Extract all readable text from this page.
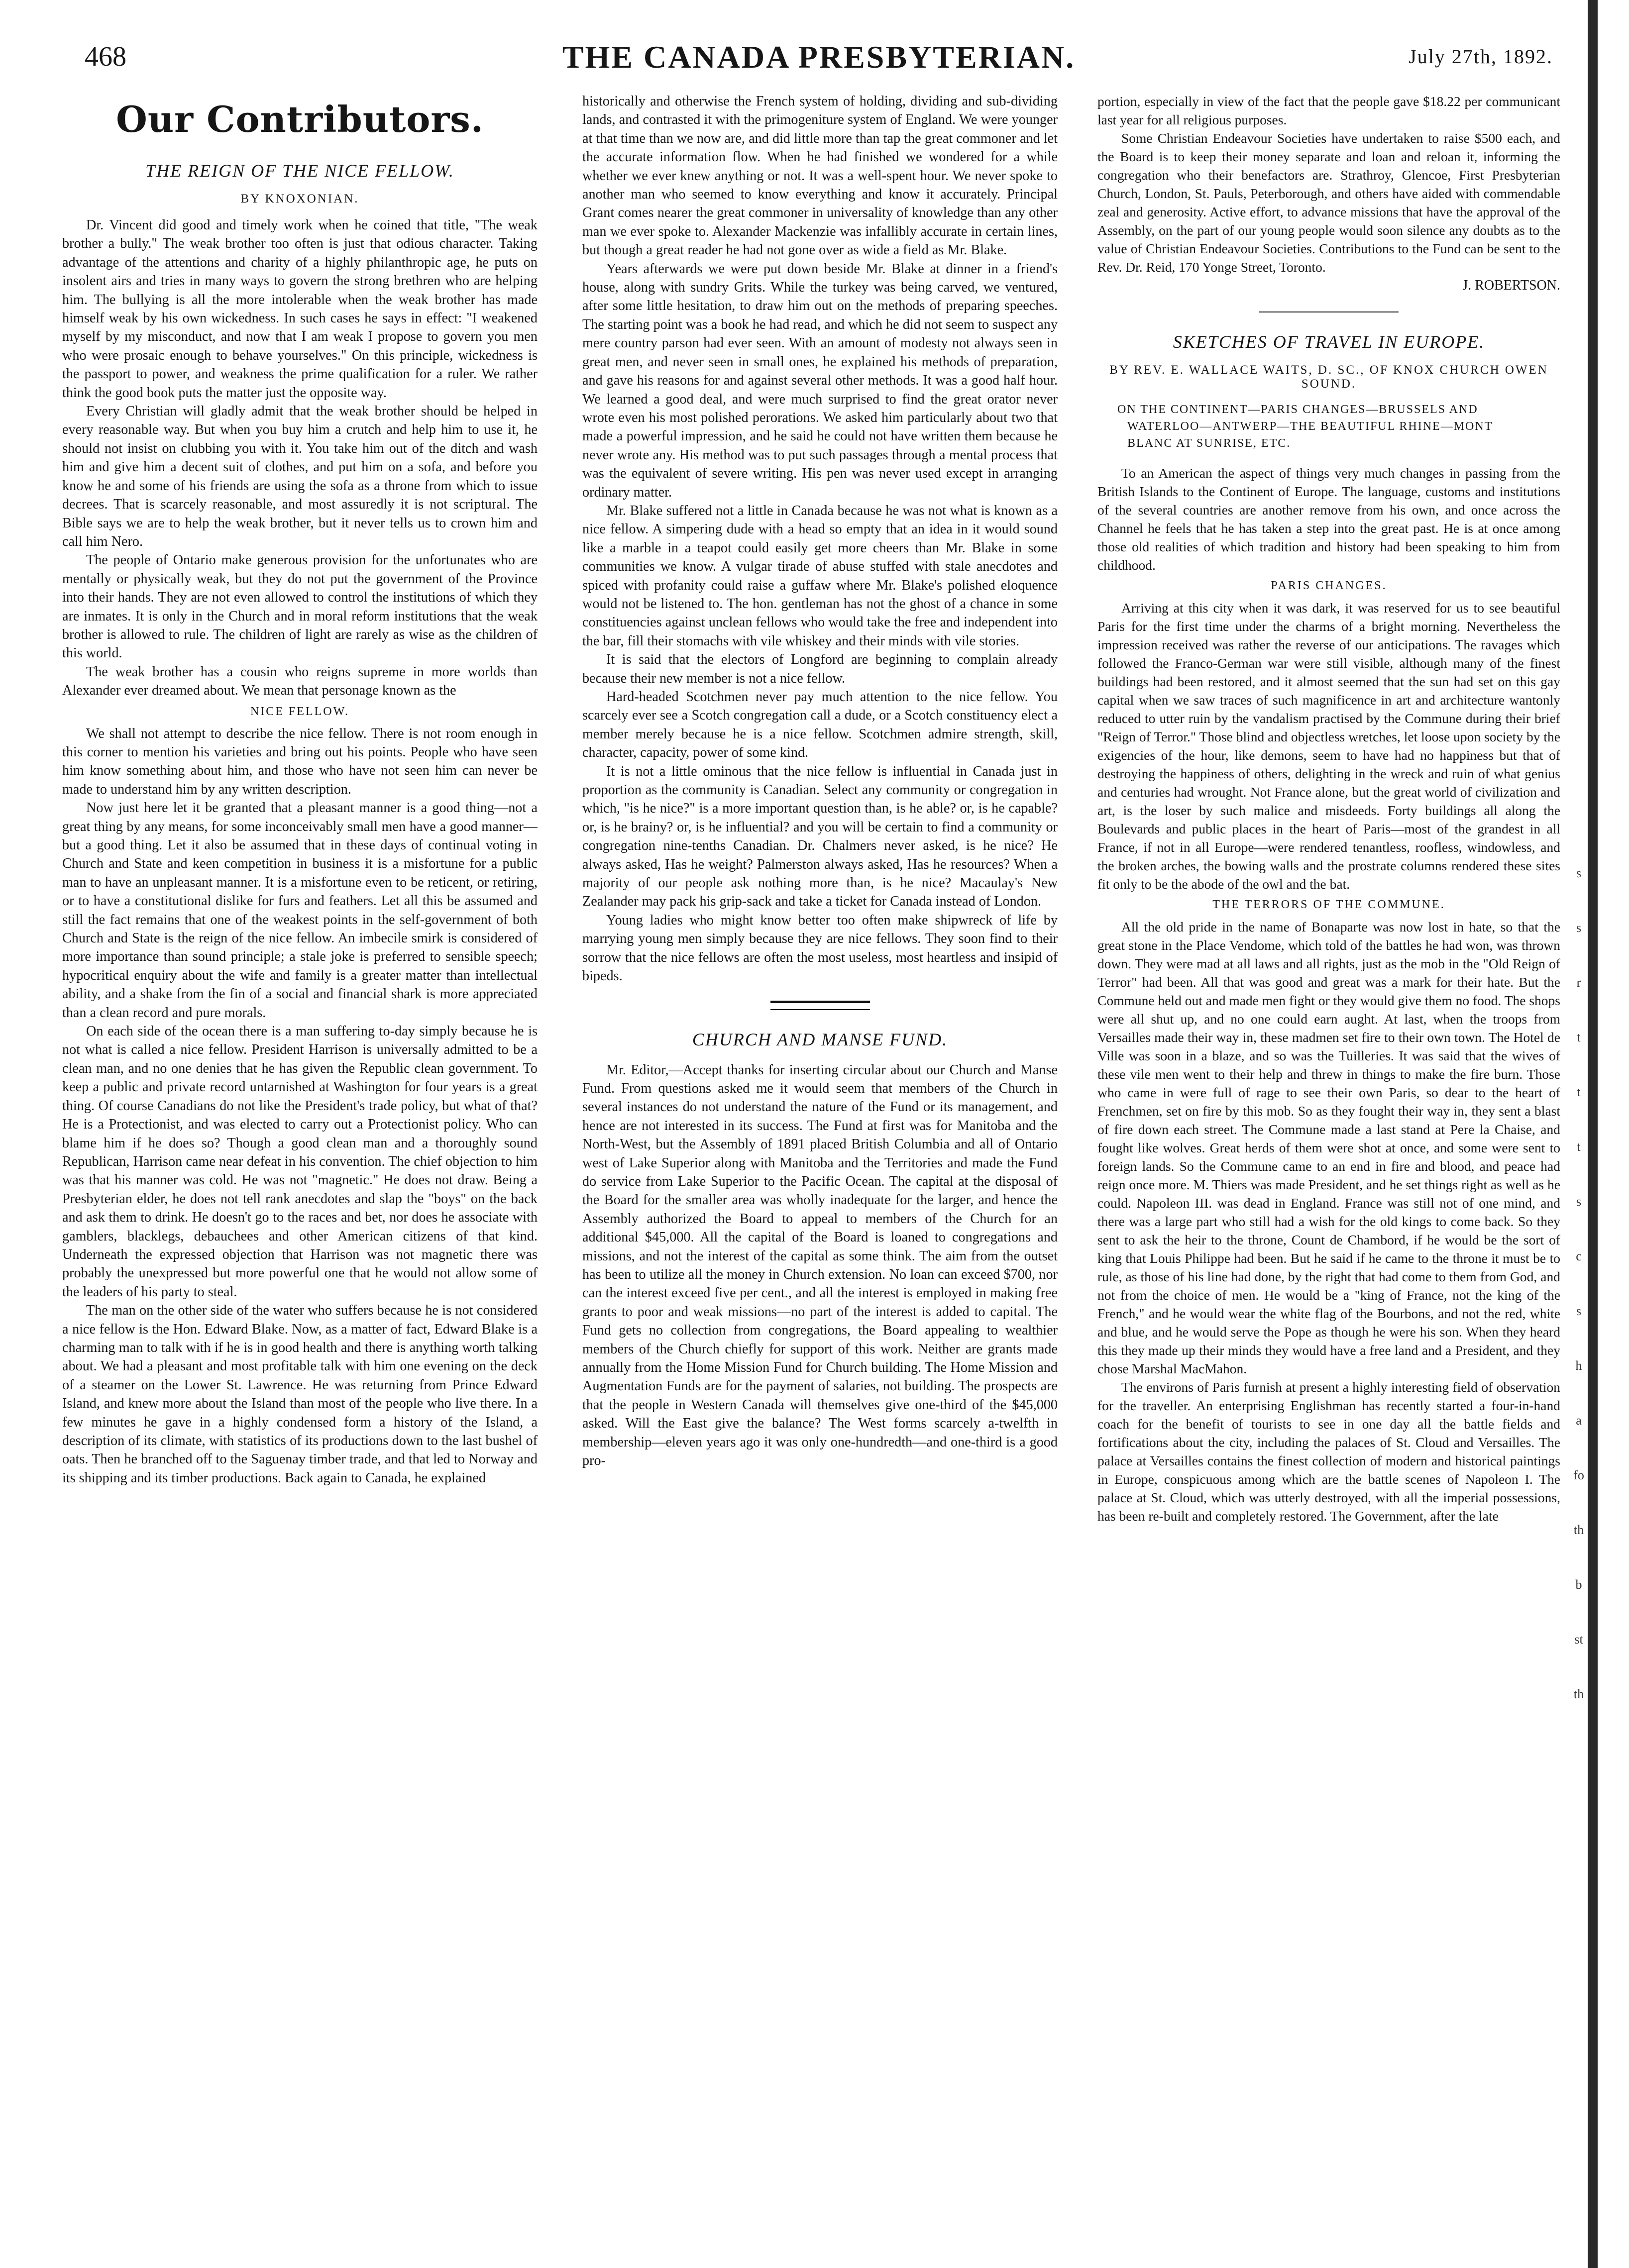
468	THE CANADA PRESBYTERIAN.	July 27th, 1892.
Our Contributors.
THE REIGN OF THE NICE FELLOW.
BY KNOXONIAN.

Dr. Vincent did good and timely work when he coined that title, "The weak brother a bully." The weak brother too often is just that odious character. Taking advantage of the attentions and charity of a highly philanthropic age, he puts on insolent airs and tries in many ways to govern the strong brethren who are helping him. The bullying is all the more intolerable when the weak brother has made himself weak by his own wickedness. In such cases he says in effect: "I weakened myself by my misconduct, and now that I am weak I propose to govern you men who were prosaic enough to behave yourselves." On this principle, wickedness is the passport to power, and weakness the prime qualification for a ruler. We rather think the good book puts the matter just the opposite way.

Every Christian will gladly admit that the weak brother should be helped in every reasonable way. But when you buy him a crutch and help him to use it, he should not insist on clubbing you with it. You take him out of the ditch and wash him and give him a decent suit of clothes, and put him on a sofa, and before you know he and some of his friends are using the sofa as a throne from which to issue decrees. That is scarcely reasonable, and most assuredly it is not scriptural. The Bible says we are to help the weak brother, but it never tells us to crown him and call him Nero.

The people of Ontario make generous provision for the unfortunates who are mentally or physically weak, but they do not put the government of the Province into their hands. They are not even allowed to control the institutions of which they are inmates. It is only in the Church and in moral reform institutions that the weak brother is allowed to rule. The children of light are rarely as wise as the children of this world.

The weak brother has a cousin who reigns supreme in more worlds than Alexander ever dreamed about. We mean that personage known as the

NICE FELLOW.

We shall not attempt to describe the nice fellow. There is not room enough in this corner to mention his varieties and bring out his points. People who have seen him know something about him, and those who have not seen him can never be made to understand him by any written description.

Now just here let it be granted that a pleasant manner is a good thing—not a great thing by any means, for some inconceivably small men have a good manner—but a good thing. Let it also be assumed that in these days of continual voting in Church and State and keen competition in business it is a misfortune for a public man to have an unpleasant manner. It is a misfortune even to be reticent, or retiring, or to have a constitutional dislike for furs and feathers. Let all this be assumed and still the fact remains that one of the weakest points in the self-government of both Church and State is the reign of the nice fellow. An imbecile smirk is considered of more importance than sound principle; a stale joke is preferred to sensible speech; hypocritical enquiry about the wife and family is a greater matter than intellectual ability, and a shake from the fin of a social and financial shark is more appreciated than a clean record and pure morals.

On each side of the ocean there is a man suffering to-day simply because he is not what is called a nice fellow. President Harrison is universally admitted to be a clean man, and no one denies that he has given the Republic clean government. To keep a public and private record untarnished at Washington for four years is a great thing. Of course Canadians do not like the President's trade policy, but what of that? He is a Protectionist, and was elected to carry out a Protectionist policy. Who can blame him if he does so? Though a good clean man and a thoroughly sound Republican, Harrison came near defeat in his convention. The chief objection to him was that his manner was cold. He was not "magnetic." He does not draw. Being a Presbyterian elder, he does not tell rank anecdotes and slap the "boys" on the back and ask them to drink. He doesn't go to the races and bet, nor does he associate with gamblers, blacklegs, debauchees and other American citizens of that kind. Underneath the expressed objection that Harrison was not magnetic there was probably the unexpressed but more powerful one that he would not allow some of the leaders of his party to steal.

The man on the other side of the water who suffers because he is not considered a nice fellow is the Hon. Edward Blake. Now, as a matter of fact, Edward Blake is a charming man to talk with if he is in good health and there is anything worth talking about. We had a pleasant and most profitable talk with him one evening on the deck of a steamer on the Lower St. Lawrence. He was returning from Prince Edward Island, and knew more about the Island than most of the people who live there. In a few minutes he gave in a highly condensed form a history of the Island, a description of its climate, with statistics of its productions down to the last bushel of oats. Then he branched off to the Saguenay timber trade, and that led to Norway and its shipping and its timber productions. Back again to Canada, he explained

historically and otherwise the French system of holding, dividing and sub-dividing lands, and contrasted it with the primogeniture system of England. We were younger at that time than we now are, and did little more than tap the great commoner and let the accurate information flow. When he had finished we wondered for a while whether we ever knew anything or not. It was a well-spent hour. We never spoke to another man who seemed to know everything and know it accurately. Principal Grant comes nearer the great commoner in universality of knowledge than any other man we ever spoke to. Alexander Mackenzie was infallibly accurate in certain lines, but though a great reader he had not gone over as wide a field as Mr. Blake.

Years afterwards we were put down beside Mr. Blake at dinner in a friend's house, along with sundry Grits. While the turkey was being carved, we ventured, after some little hesitation, to draw him out on the methods of preparing speeches. The starting point was a book he had read, and which he did not seem to suspect any mere country parson had ever seen. With an amount of modesty not always seen in great men, and never seen in small ones, he explained his methods of preparation, and gave his reasons for and against several other methods. It was a good half hour. We learned a good deal, and were much surprised to find the great orator never wrote even his most polished perorations. We asked him particularly about two that made a powerful impression, and he said he could not have written them because he never wrote any. His method was to put such passages through a mental process that was the equivalent of severe writing. His pen was never used except in arranging ordinary matter.

Mr. Blake suffered not a little in Canada because he was not what is known as a nice fellow. A simpering dude with a head so empty that an idea in it would sound like a marble in a teapot could easily get more cheers than Mr. Blake in some communities we know. A vulgar tirade of abuse stuffed with stale anecdotes and spiced with profanity could raise a guffaw where Mr. Blake's polished eloquence would not be listened to. The hon. gentleman has not the ghost of a chance in some constituencies against unclean fellows who would take the free and independent into the bar, fill their stomachs with vile whiskey and their minds with vile stories.

It is said that the electors of Longford are beginning to complain already because their new member is not a nice fellow.

Hard-headed Scotchmen never pay much attention to the nice fellow. You scarcely ever see a Scotch congregation call a dude, or a Scotch constituency elect a member merely because he is a nice fellow. Scotchmen admire strength, skill, character, capacity, power of some kind.

It is not a little ominous that the nice fellow is influential in Canada just in proportion as the community is Canadian. Select any community or congregation in which, "is he nice?" is a more important question than, is he able? or, is he capable? or, is he brainy? or, is he influential? and you will be certain to find a community or congregation nine-tenths Canadian. Dr. Chalmers never asked, is he nice? He always asked, Has he weight? Palmerston always asked, Has he resources? When a majority of our people ask nothing more than, is he nice? Macaulay's New Zealander may pack his grip-sack and take a ticket for Canada instead of London.

Young ladies who might know better too often make shipwreck of life by marrying young men simply because they are nice fellows. They soon find to their sorrow that the nice fellows are often the most useless, most heartless and insipid of bipeds.

CHURCH AND MANSE FUND.

Mr. Editor,—Accept thanks for inserting circular about our Church and Manse Fund. From questions asked me it would seem that members of the Church in several instances do not understand the nature of the Fund or its management, and hence are not interested in its success. The Fund at first was for Manitoba and the North-West, but the Assembly of 1891 placed British Columbia and all of Ontario west of Lake Superior along with Manitoba and the Territories and made the Fund do service from Lake Superior to the Pacific Ocean. The capital at the disposal of the Board for the smaller area was wholly inadequate for the larger, and hence the Assembly authorized the Board to appeal to members of the Church for an additional $45,000. All the capital of the Board is loaned to congregations and missions, and not the interest of the capital as some think. The aim from the outset has been to utilize all the money in Church extension. No loan can exceed $700, nor can the interest exceed five per cent., and all the interest is employed in making free grants to poor and weak missions—no part of the interest is added to capital. The Fund gets no collection from congregations, the Board appealing to wealthier members of the Church chiefly for support of this work. Neither are grants made annually from the Home Mission Fund for Church building. The Home Mission and Augmentation Funds are for the payment of salaries, not building. The prospects are that the people in Western Canada will themselves give one-third of the $45,000 asked. Will the East give the balance? The West forms scarcely a-twelfth in membership—eleven years ago it was only one-hundredth—and one-third is a good pro-

portion, especially in view of the fact that the people gave $18.22 per communicant last year for all religious purposes.

Some Christian Endeavour Societies have undertaken to raise $500 each, and the Board is to keep their money separate and loan and reloan it, informing the congregation who their benefactors are. Strathroy, Glencoe, First Presbyterian Church, London, St. Pauls, Peterborough, and others have aided with commendable zeal and generosity. Active effort, to advance missions that have the approval of the Assembly, on the part of our young people would soon silence any doubts as to the value of Christian Endeavour Societies. Contributions to the Fund can be sent to the Rev. Dr. Reid, 170 Yonge Street, Toronto.

J. ROBERTSON.
SKETCHES OF TRAVEL IN EUROPE.
BY REV. E. WALLACE WAITS, D. SC., OF KNOX CHURCH OWEN SOUND.
ON THE CONTINENT—PARIS CHANGES—BRUSSELS AND WATERLOO—ANTWERP—THE BEAUTIFUL RHINE—MONT BLANC AT SUNRISE, ETC.

To an American the aspect of things very much changes in passing from the British Islands to the Continent of Europe. The language, customs and institutions of the several countries are another remove from his own, and once across the Channel he feels that he has taken a step into the great past. He is at once among those old realities of which tradition and history had been speaking to him from childhood.

PARIS CHANGES.

Arriving at this city when it was dark, it was reserved for us to see beautiful Paris for the first time under the charms of a bright morning. Nevertheless the impression received was rather the reverse of our anticipations. The ravages which followed the Franco-German war were still visible, although many of the finest buildings had been restored, and it almost seemed that the sun had set on this gay capital when we saw traces of such magnificence in art and architecture wantonly reduced to utter ruin by the vandalism practised by the Commune during their brief "Reign of Terror." Those blind and objectless wretches, let loose upon society by the exigencies of the hour, like demons, seem to have had no happiness but that of destroying the happiness of others, delighting in the wreck and ruin of what genius and centuries had wrought. Not France alone, but the great world of civilization and art, is the loser by such malice and misdeeds. Forty buildings all along the Boulevards and public places in the heart of Paris—most of the grandest in all France, if not in all Europe—were rendered tenantless, roofless, windowless, and the broken arches, the bowing walls and the prostrate columns rendered these sites fit only to be the abode of the owl and the bat.

THE TERRORS OF THE COMMUNE.

All the old pride in the name of Bonaparte was now lost in hate, so that the great stone in the Place Vendome, which told of the battles he had won, was thrown down. They were mad at all laws and all rights, just as the mob in the "Old Reign of Terror" had been. All that was good and great was a mark for their hate. But the Commune held out and made men fight or they would give them no food. The shops were all shut up, and no one could earn aught. At last, when the troops from Versailles made their way in, these madmen set fire to their own town. The Hotel de Ville was soon in a blaze, and so was the Tuilleries. It was said that the wives of these vile men went to their help and threw in things to make the fire burn. Those who came in were full of rage to see their own Paris, so dear to the heart of Frenchmen, set on fire by this mob. So as they fought their way in, they sent a blast of fire down each street. The Commune made a last stand at Pere la Chaise, and fought like wolves. Great herds of them were shot at once, and some were sent to foreign lands. So the Commune came to an end in fire and blood, and peace had reign once more. M. Thiers was made President, and he set things right as well as he could. Napoleon III. was dead in England. France was still not of one mind, and there was a large part who still had a wish for the old kings to come back. So they sent to ask the heir to the throne, Count de Chambord, if he would be the sort of king that Louis Philippe had been. But he said if he came to the throne it must be to rule, as those of his line had done, by the right that had come to them from God, and not from the choice of men. He would be a "king of France, not the king of the French," and he would wear the white flag of the Bourbons, and not the red, white and blue, and he would serve the Pope as though he were his son. When they heard this they made up their minds they would have a free land and a President, and they chose Marshal MacMahon.

The environs of Paris furnish at present a highly interesting field of observation for the traveller. An enterprising Englishman has recently started a four-in-hand coach for the benefit of tourists to see in one day all the battle fields and fortifications about the city, including the palaces of St. Cloud and Versailles. The palace at Versailles contains the finest collection of modern and historical paintings in Europe, conspicuous among which are the battle scenes of Napoleon I. The palace at St. Cloud, which was utterly destroyed, with all the imperial possessions, has been re-built and completely restored. The Government, after the late

s
s
r
t
t
t
s
c
s
h
a
fo
th
b
st
th
